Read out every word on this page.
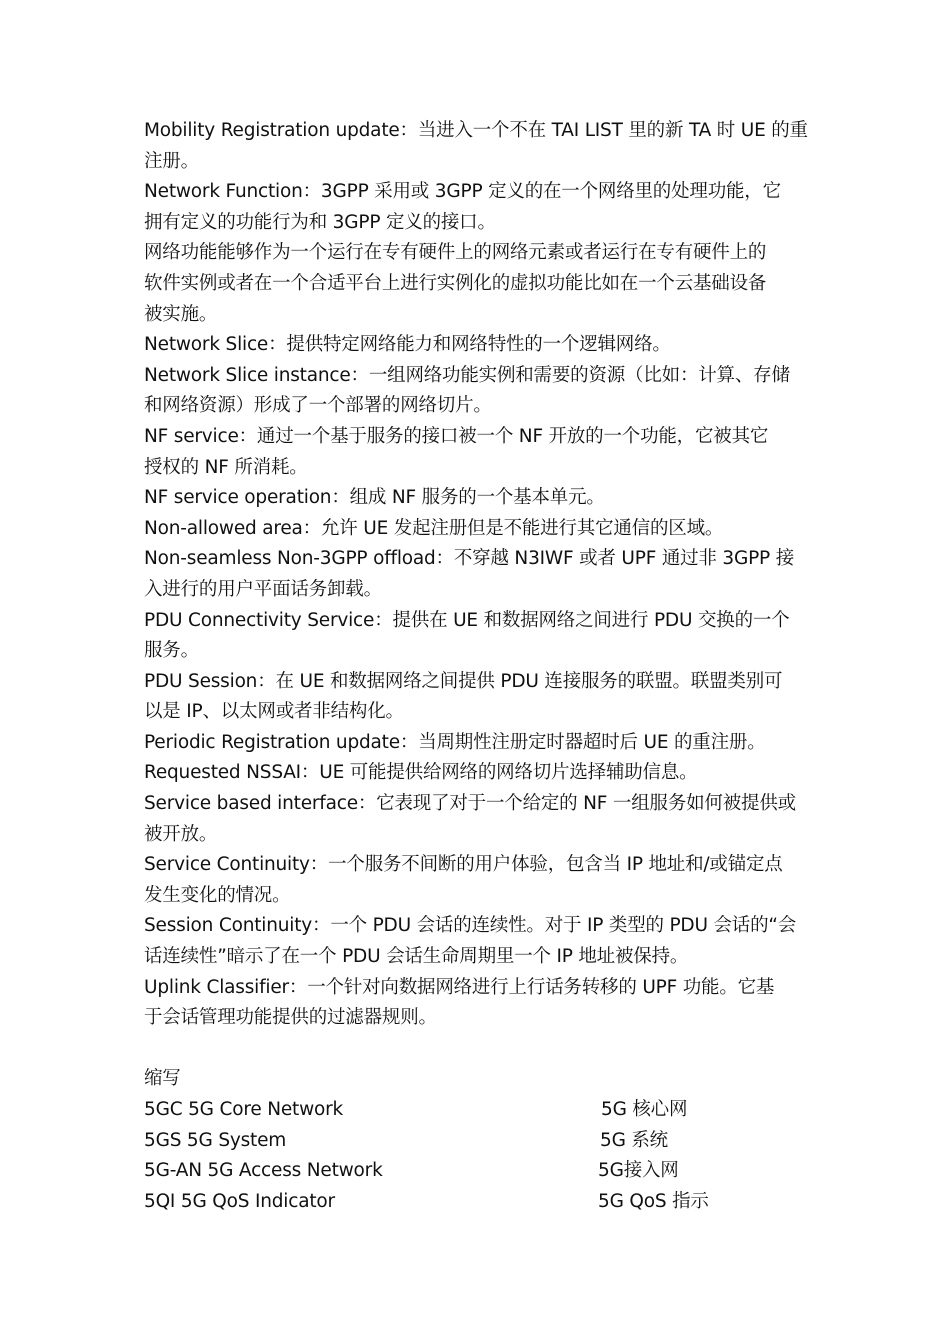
Mobility Registration update：当进入一个不在 TAI LIST 里的新 TA 时 UE 的重
注册。
Network Function：3GPP 采用或 3GPP 定义的在一个网络里的处理功能，它
拥有定义的功能行为和 3GPP 定义的接口。
网络功能能够作为一个运行在专有硬件上的网络元素或者运行在专有硬件上的
软件实例或者在一个合适平台上进行实例化的虚拟功能比如在一个云基础设备
被实施。
Network Slice：提供特定网络能力和网络特性的一个逻辑网络。
Network Slice instance：一组网络功能实例和需要的资源（比如：计算、存储
和网络资源）形成了一个部署的网络切片。
NF service：通过一个基于服务的接口被一个 NF 开放的一个功能，它被其它
授权的 NF 所消耗。
NF service operation：组成 NF 服务的一个基本单元。
Non-allowed area：允许 UE 发起注册但是不能进行其它通信的区域。
Non-seamless Non-3GPP offload：不穿越 N3IWF 或者 UPF 通过非 3GPP 接
入进行的用户平面话务卸载。
PDU Connectivity Service：提供在 UE 和数据网络之间进行 PDU 交换的一个
服务。
PDU Session：在 UE 和数据网络之间提供 PDU 连接服务的联盟。联盟类别可
以是 IP、以太网或者非结构化。
Periodic Registration update：当周期性注册定时器超时后 UE 的重注册。
Requested NSSAI：UE 可能提供给网络的网络切片选择辅助信息。
Service based interface：它表现了对于一个给定的 NF 一组服务如何被提供或
被开放。
Service Continuity：一个服务不间断的用户体验，包含当 IP 地址和/或锚定点
发生变化的情况。
Session Continuity：一个 PDU 会话的连续性。对于 IP 类型的 PDU 会话的“会
话连续性”暗示了在一个 PDU 会话生命周期里一个 IP 地址被保持。
Uplink Classifier：一个针对向数据网络进行上行话务转移的 UPF 功能。它基
于会话管理功能提供的过滤器规则。
缩写
5GC 5G Core Network	5G 核心网
5GS 5G System	5G 系统
5G-AN 5G Access Network	5G接入网
5QI 5G QoS Indicator	5G QoS 指示
